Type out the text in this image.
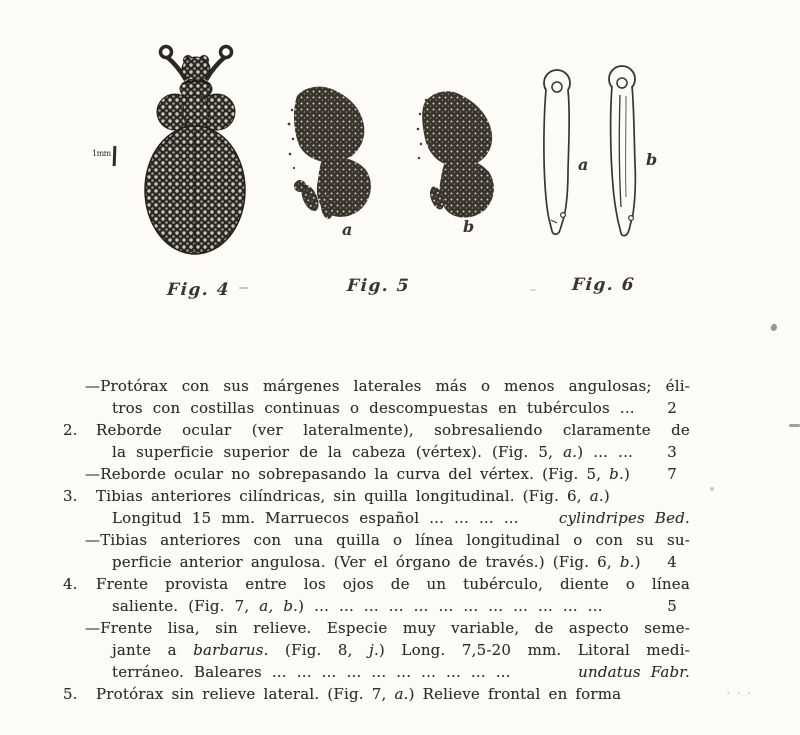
$^{1mm}$
a	b
a	b
Fig. 4	Fig. 5	Fig. 6
—Protórax con sus márgenes laterales más o menos angulosas; éli-
tros con costillas continuas o descompuestas en tubérculos ... 2
2. Reborde ocular (ver lateralmente), sobresaliendo claramente de
la superficie superior de la cabeza (vértex). (Fig. 5, a.) ... ... 3
—Reborde ocular no sobrepasando la curva del vértex. (Fig. 5, b.) 7
3. Tibias anteriores cilíndricas, sin quilla longitudinal. (Fig. 6, a.)
Longitud 15 mm. Marruecos español ... ... ... ...	cylindripes Bed.
—Tibias anteriores con una quilla o línea longitudinal o con su su-
perficie anterior angulosa. (Ver el órgano de través.) (Fig. 6, b.) 4
4. Frente provista entre los ojos de un tubérculo, diente o línea
saliente. (Fig. 7, a, b.) ... ... ... ... ... ... ... ... ... ... ... ...	5
—Frente lisa, sin relieve. Especie muy variable, de aspecto seme-
jante a barbarus. (Fig. 8, j.) Long. 7,5-20 mm. Litoral medi-
terráneo. Baleares ... ... ... ... ... ... ... ... ... ...	undatus Fabr.
5. Protórax sin relieve lateral. (Fig. 7, a.) Relieve frontal en forma	···
